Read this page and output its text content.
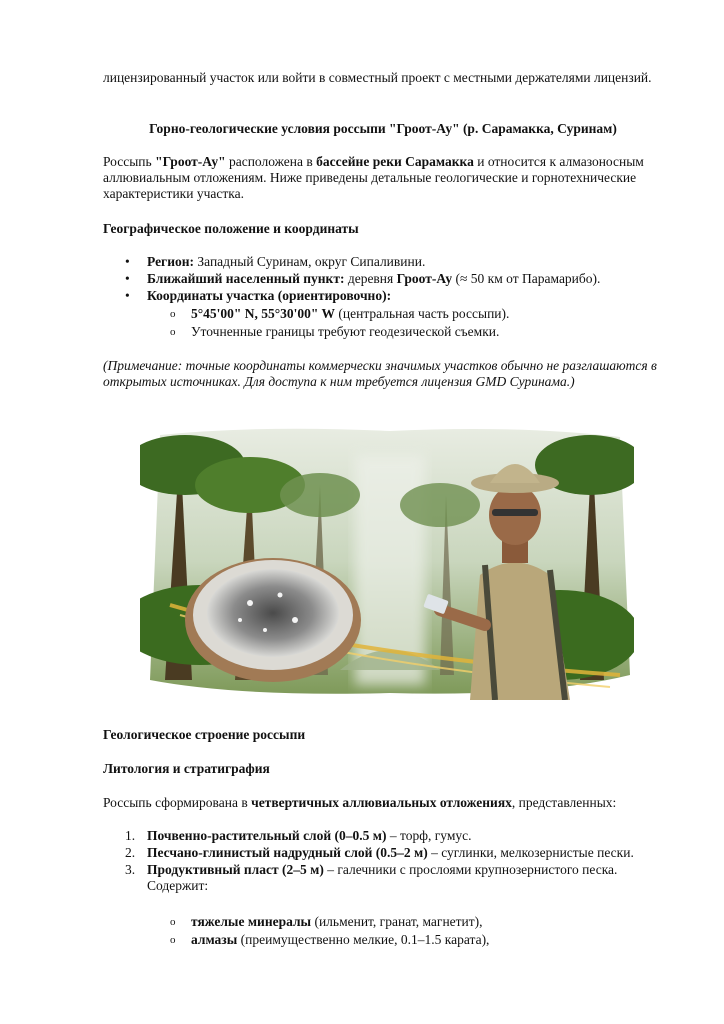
лицензированный участок или войти в совместный проект с местными держателями лицензий.

Горно-геологические условия россыпи "Гроот-Ау" (р. Сарамакка, Суринам)

Россыпь "Гроот-Ау" расположена в бассейне реки Сарамакка и относится к алмазоносным аллювиальным отложениям. Ниже приведены детальные геологические и горнотехнические характеристики участка.

Географическое положение и координаты

• Регион: Западный Суринам, округ Сипаливини.
• Ближайший населенный пункт: деревня Гроот-Ау (≈ 50 км от Парамарибо).
• Координаты участка (ориентировочно):
o 5°45'00" N, 55°30'00" W (центральная часть россыпи).
o Уточненные границы требуют геодезической съемки.

(Примечание: точные координаты коммерчески значимых участков обычно не разглашаются в открытых источниках. Для доступа к ним требуется лицензия GMD Суринама.)

Геологическое строение россыпи

Литология и стратиграфия

Россыпь сформирована в четвертичных аллювиальных отложениях, представленных:

1. Почвенно-растительный слой (0–0.5 м) – торф, гумус.
2. Песчано-глинистый надрудный слой (0.5–2 м) – суглинки, мелкозернистые пески.
3. Продуктивный пласт (2–5 м) – галечники с прослоями крупнозернистого песка. Содержит:
o тяжелые минералы (ильменит, гранат, магнетит),
o алмазы (преимущественно мелкие, 0.1–1.5 карата),
